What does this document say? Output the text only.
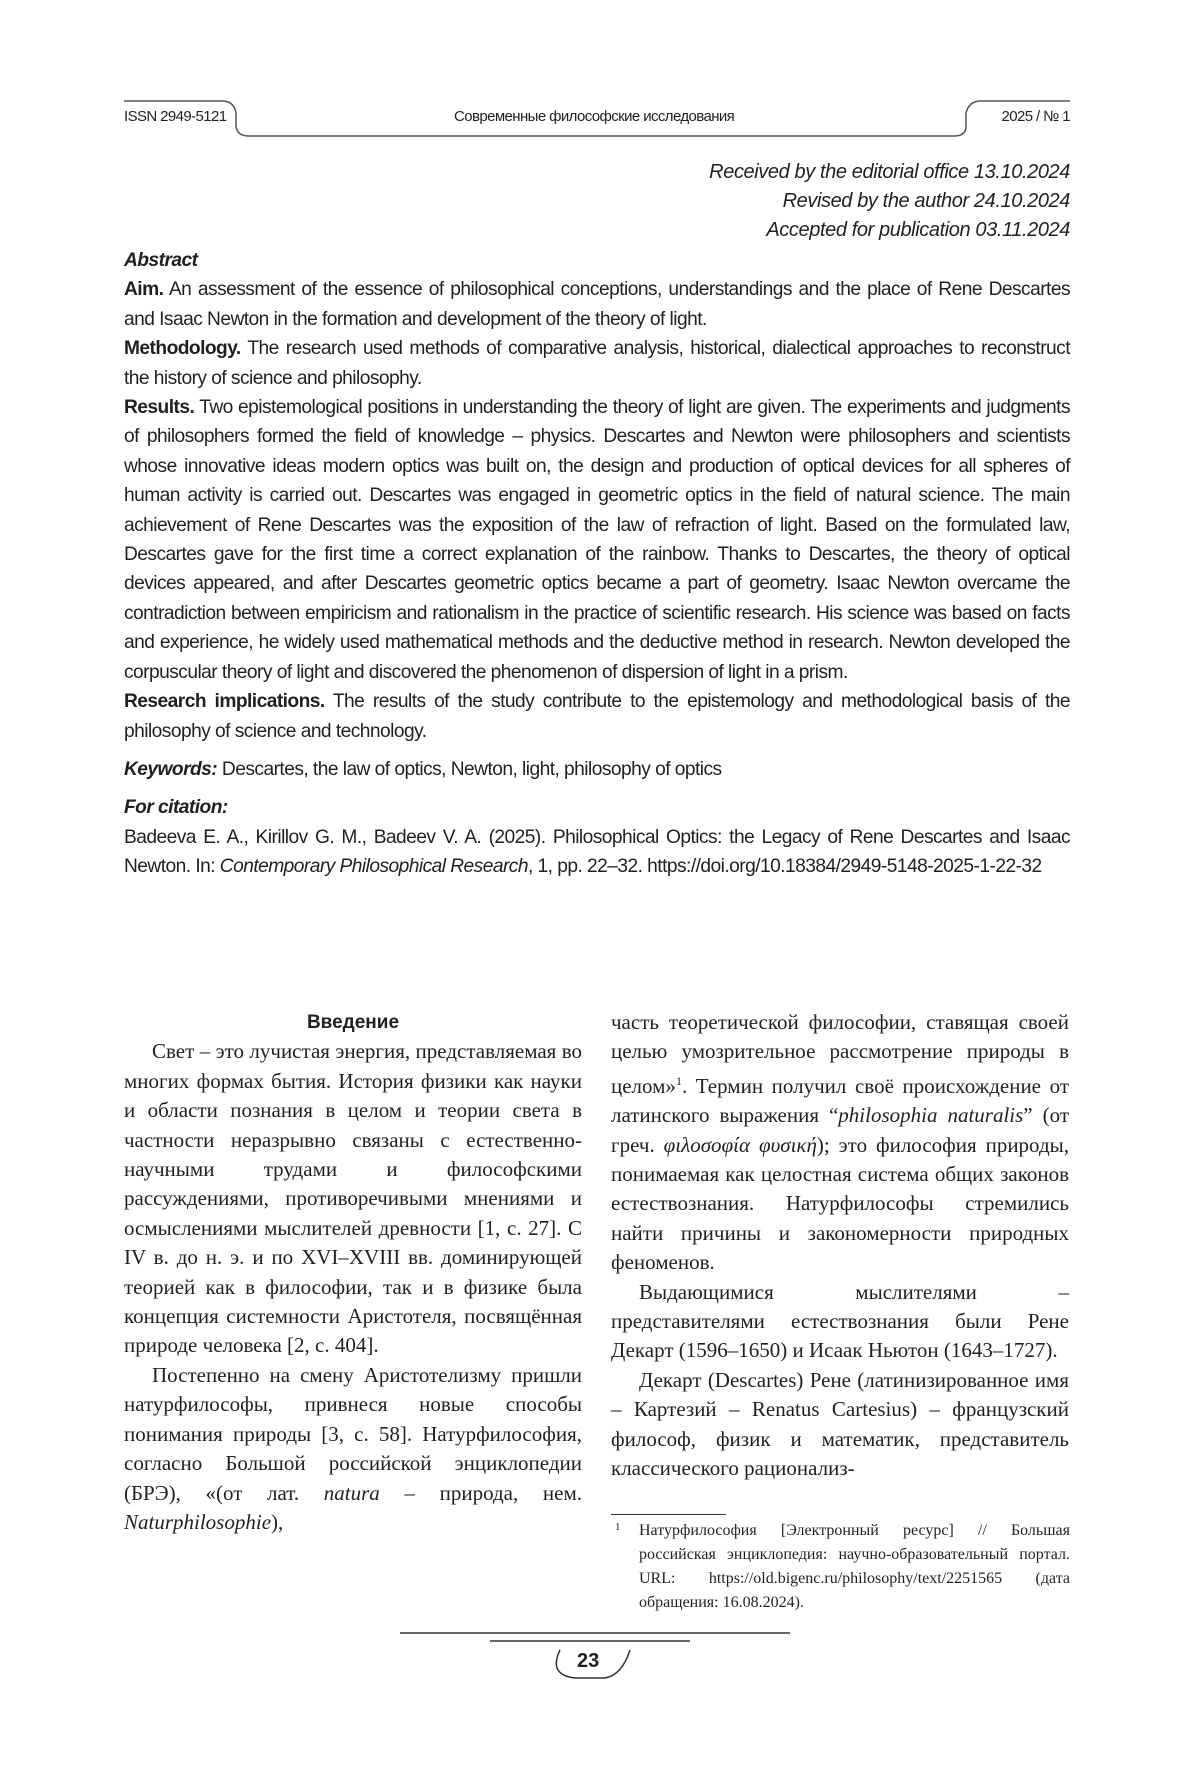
ISSN 2949-5121	Современные философские исследования	2025 / № 1
Received by the editorial office 13.10.2024
Revised by the author 24.10.2024
Accepted for publication 03.11.2024

Abstract

Aim. An assessment of the essence of philosophical conceptions, understandings and the place of Rene Descartes and Isaac Newton in the formation and development of the theory of light.

Methodology. The research used methods of comparative analysis, historical, dialectical approaches to reconstruct the history of science and philosophy.

Results. Two epistemological positions in understanding the theory of light are given. The experiments and judgments of philosophers formed the field of knowledge – physics. Descartes and Newton were philosophers and scientists whose innovative ideas modern optics was built on, the design and production of optical devices for all spheres of human activity is carried out. Descartes was engaged in geometric optics in the field of natural science. The main achievement of Rene Descartes was the exposition of the law of refraction of light. Based on the formulated law, Descartes gave for the first time a correct explanation of the rainbow. Thanks to Descartes, the theory of optical devices appeared, and after Descartes geometric optics became a part of geometry. Isaac Newton overcame the contradiction between empiricism and rationalism in the practice of scientific research. His science was based on facts and experience, he widely used mathematical methods and the deductive method in research. Newton developed the corpuscular theory of light and discovered the phenomenon of dispersion of light in a prism.

Research implications. The results of the study contribute to the epistemology and methodological basis of the philosophy of science and technology.

Keywords: Descartes, the law of optics, Newton, light, philosophy of optics

For citation:

Badeeva E. A., Kirillov G. M., Badeev V. A. (2025). Philosophical Optics: the Legacy of Rene Descartes and Isaac Newton. In: Contemporary Philosophical Research, 1, pp. 22–32. https://doi.org/10.18384/2949-5148-2025-1-22-32

Введение

Свет – это лучистая энергия, представляемая во многих формах бытия. История физики как науки и области познания в целом и теории света в частности неразрывно связаны с естественно-научными трудами и философскими рассуждениями, противоречивыми мнениями и осмыслениями мыслителей древности [1, с. 27]. С IV в. до н. э. и по XVI–XVIII вв. доминирующей теорией как в философии, так и в физике была концепция системности Аристотеля, посвящённая природе человека [2, с. 404].

Постепенно на смену Аристотелизму пришли натурфилософы, привнеся новые способы понимания природы [3, с. 58]. Натурфилософия, согласно Большой российской энциклопедии (БРЭ), «(от лат. natura – природа, нем. Naturphilosophie),

часть теоретической философии, ставящая своей целью умозрительное рассмотрение природы в целом»1. Термин получил своё происхождение от латинского выражения “philosophia naturalis” (от греч. φιλοσοφία φυσική); это философия природы, понимаемая как целостная система общих законов естествознания. Натурфилософы стремились найти причины и закономерности природных феноменов.

Выдающимися мыслителями – представителями естествознания были Рене Декарт (1596–1650) и Исаак Ньютон (1643–1727).

Декарт (Descartes) Рене (латинизированное имя – Картезий – Renatus Cartesius) – французский философ, физик и математик, представитель классического рационализ-

1 Натурфилософия [Электронный ресурс] // Большая российская энциклопедия: научно-образовательный портал. URL: https://old.bigenc.ru/philosophy/text/2251565 (дата обращения: 16.08.2024).
23
